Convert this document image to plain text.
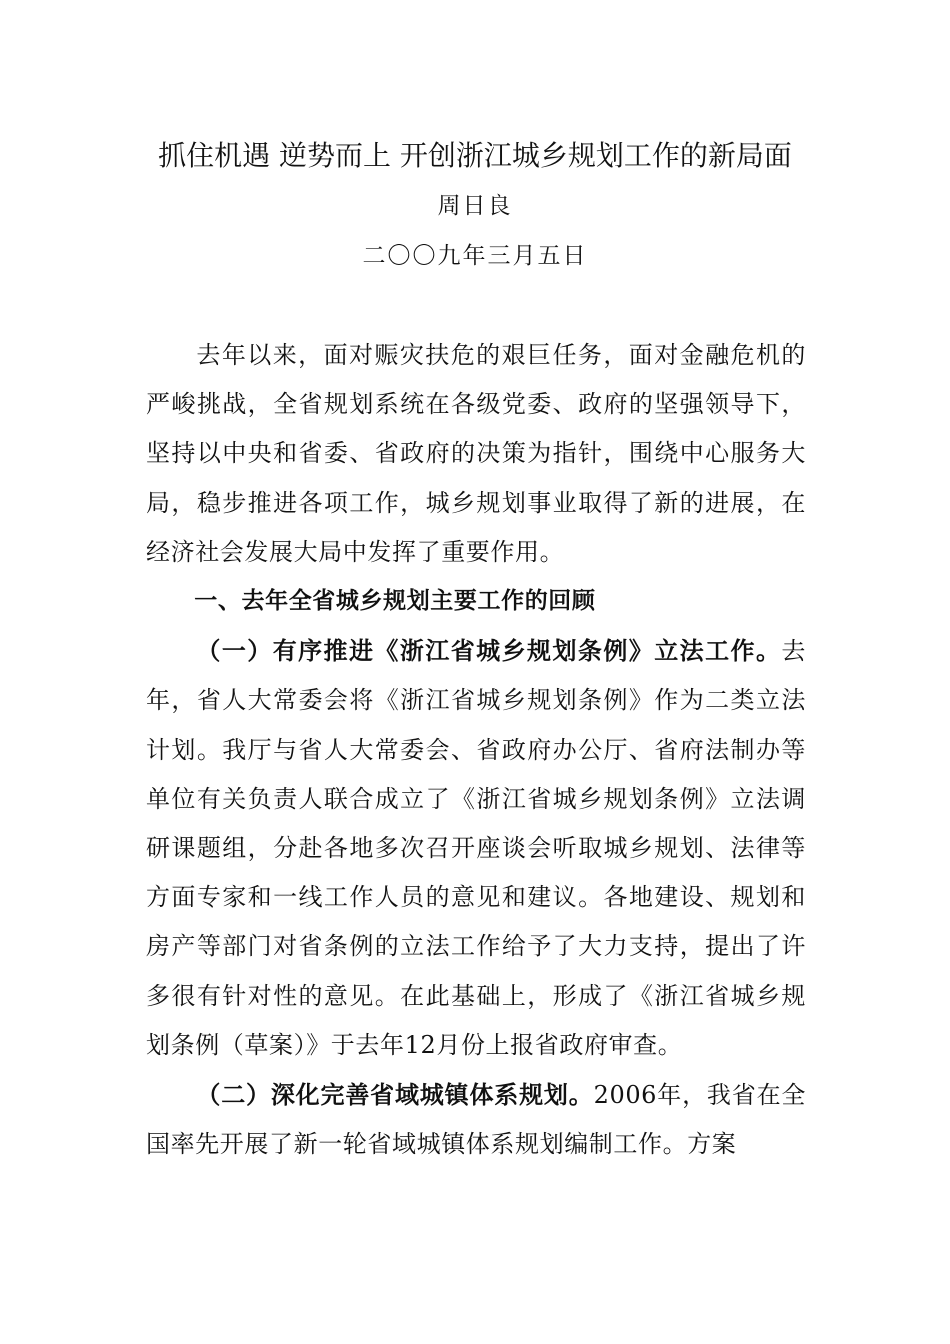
抓住机遇 逆势而上 开创浙江城乡规划工作的新局面
周日良
二〇〇九年三月五日

去年以来，面对赈灾扶危的艰巨任务，面对金融危机的严峻挑战，全省规划系统在各级党委、政府的坚强领导下，坚持以中央和省委、省政府的决策为指针，围绕中心服务大局，稳步推进各项工作，城乡规划事业取得了新的进展，在经济社会发展大局中发挥了重要作用。

一、去年全省城乡规划主要工作的回顾

（一）有序推进《浙江省城乡规划条例》立法工作。去年，省人大常委会将《浙江省城乡规划条例》作为二类立法计划。我厅与省人大常委会、省政府办公厅、省府法制办等单位有关负责人联合成立了《浙江省城乡规划条例》立法调研课题组，分赴各地多次召开座谈会听取城乡规划、法律等方面专家和一线工作人员的意见和建议。各地建设、规划和房产等部门对省条例的立法工作给予了大力支持，提出了许多很有针对性的意见。在此基础上，形成了《浙江省城乡规划条例（草案）》于去年12月份上报省政府审查。

（二）深化完善省域城镇体系规划。2006年，我省在全国率先开展了新一轮省域城镇体系规划编制工作。方案
